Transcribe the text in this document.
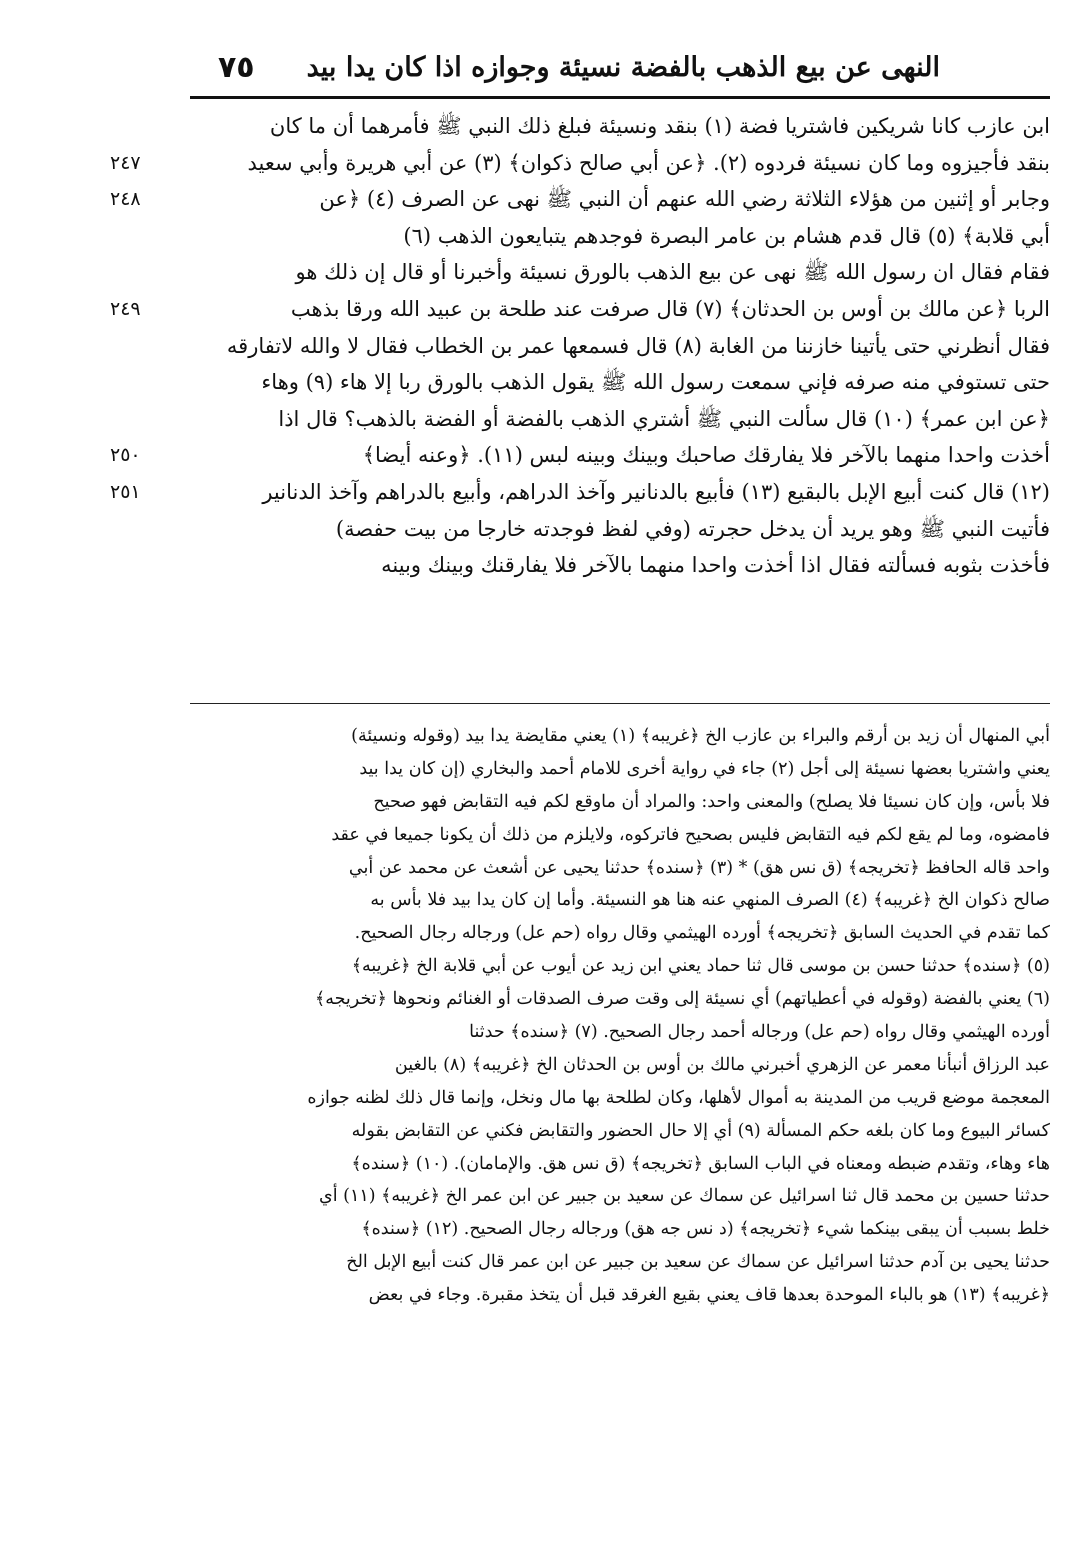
النهى عن بيع الذهب بالفضة نسيئة وجوازه اذا كان يدا بيد
٧٥
٢٤٧
٢٤٨
٢٤٩
٢٥٠
٢٥١
ابن عازب كانا شريكين فاشتريا فضة (١) بنقد ونسيئة فبلغ ذلك النبي ﷺ فأمرهما أن ما كان
بنقد فأجيزوه وما كان نسيئة فردوه (٢). ﴿عن أبي صالح ذكوان﴾ (٣) عن أبي هريرة وأبي سعيد
وجابر أو إثنين من هؤلاء الثلاثة رضي الله عنهم أن النبي ﷺ نهى عن الصرف (٤) ﴿عن
أبي قلابة﴾ (٥) قال قدم هشام بن عامر البصرة فوجدهم يتبايعون الذهب (٦)
فقام فقال ان رسول الله ﷺ نهى عن بيع الذهب بالورق نسيئة وأخبرنا أو قال إن ذلك هو
الربا ﴿عن مالك بن أوس بن الحدثان﴾ (٧) قال صرفت عند طلحة بن عبيد الله ورقا بذهب
فقال أنظرني حتى يأتينا خازننا من الغابة (٨) قال فسمعها عمر بن الخطاب فقال لا والله لاتفارقه
حتى تستوفي منه صرفه فإني سمعت رسول الله ﷺ يقول الذهب بالورق ربا إلا هاء (٩) وهاء
﴿عن ابن عمر﴾ (١٠) قال سألت النبي ﷺ أشتري الذهب بالفضة أو الفضة بالذهب؟ قال اذا
أخذت واحدا منهما بالآخر فلا يفارقك صاحبك وبينك وبينه لبس (١١). ﴿وعنه أيضا﴾
(١٢) قال كنت أبيع الإبل بالبقيع (١٣) فأبيع بالدنانير وآخذ الدراهم، وأبيع بالدراهم وآخذ الدنانير
فأتيت النبي ﷺ وهو يريد أن يدخل حجرته (وفي لفظ فوجدته خارجا من بيت حفصة)
فأخذت بثوبه فسألته فقال اذا أخذت واحدا منهما بالآخر فلا يفارقنك وبينك وبينه
أبي المنهال أن زيد بن أرقم والبراء بن عازب الخ ﴿غريبه﴾ (١) يعني مقايضة يدا بيد (وقوله ونسيئة)
يعني واشتريا بعضها نسيئة إلى أجل (٢) جاء في رواية أخرى للامام أحمد والبخاري (إن كان يدا بيد
فلا بأس، وإن كان نسيئا فلا يصلح) والمعنى واحد: والمراد أن ماوقع لكم فيه التقابض فهو صحيح
فامضوه، وما لم يقع لكم فيه التقابض فليس بصحيح فاتركوه، ولايلزم من ذلك أن يكونا جميعا في عقد
واحد قاله الحافظ ﴿تخريجه﴾ (ق نس هق) * (٣) ﴿سنده﴾ حدثنا يحيى عن أشعث عن محمد عن أبي
صالح ذكوان الخ ﴿غريبه﴾ (٤) الصرف المنهي عنه هنا هو النسيئة. وأما إن كان يدا بيد فلا بأس به
كما تقدم في الحديث السابق ﴿تخريجه﴾ أورده الهيثمي وقال رواه (حم عل) ورجاله رجال الصحيح.
(٥) ﴿سنده﴾ حدثنا حسن بن موسى قال ثنا حماد يعني ابن زيد عن أيوب عن أبي قلابة الخ ﴿غريبه﴾
(٦) يعني بالفضة (وقوله في أعطياتهم) أي نسيئة إلى وقت صرف الصدقات أو الغنائم ونحوها ﴿تخريجه﴾
أورده الهيثمي وقال رواه (حم عل) ورجاله أحمد رجال الصحيح. (٧) ﴿سنده﴾ حدثنا
عبد الرزاق أنبأنا معمر عن الزهري أخبرني مالك بن أوس بن الحدثان الخ ﴿غريبه﴾ (٨) بالغين
المعجمة موضع قريب من المدينة به أموال لأهلها، وكان لطلحة بها مال ونخل، وإنما قال ذلك لظنه جوازه
كسائر البيوع وما كان بلغه حكم المسألة (٩) أي إلا حال الحضور والتقابض فكني عن التقابض بقوله
هاء وهاء، وتقدم ضبطه ومعناه في الباب السابق ﴿تخريجه﴾ (ق نس هق. والإمامان). (١٠) ﴿سنده﴾
حدثنا حسين بن محمد قال ثنا اسرائيل عن سماك عن سعيد بن جبير عن ابن عمر الخ ﴿غريبه﴾ (١١) أي
خلط بسبب أن يبقى بينكما شيء ﴿تخريجه﴾ (د نس جه هق) ورجاله رجال الصحيح. (١٢) ﴿سنده﴾
حدثنا يحيى بن آدم حدثنا اسرائيل عن سماك عن سعيد بن جبير عن ابن عمر قال كنت أبيع الإبل الخ
﴿غريبه﴾ (١٣) هو بالباء الموحدة بعدها قاف يعني بقيع الغرقد قبل أن يتخذ مقبرة. وجاء في بعض
